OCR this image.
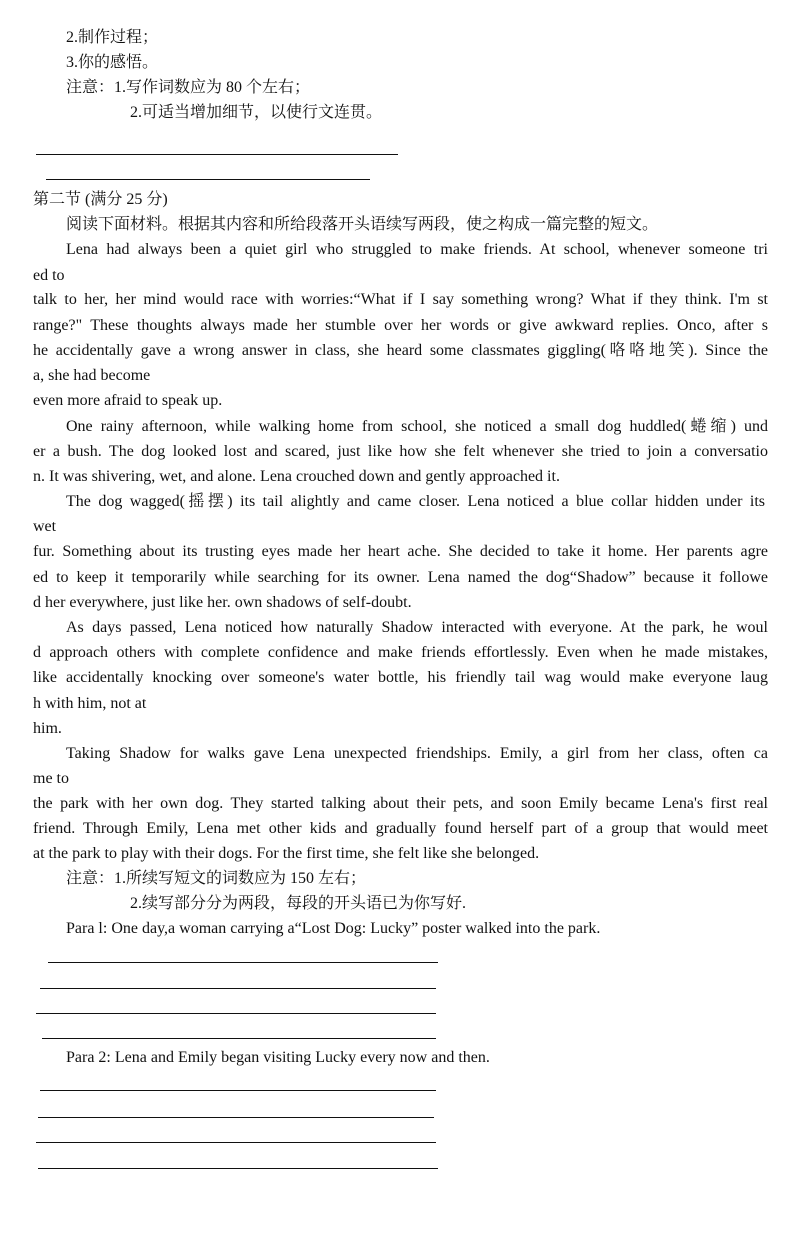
2.制作过程；
3.你的感悟。
注意：1.写作词数应为 80 个左右；
2.可适当增加细节，以使行文连贯。
第二节 (满分 25 分)
阅读下面材料。根据其内容和所给段落开头语续写两段，使之构成一篇完整的短文。
Lena had always been a quiet girl who struggled to make friends. At school, whenever someone tri
ed to
talk to her, her mind would race with worries:“What if I say something wrong? What if they think. I'm st
range?" These thoughts always made her stumble over her words or give awkward replies. Onco, after s
he accidentally gave a wrong answer in class, she heard some classmates giggling(咯咯地笑). Since the
a, she had become
even more afraid to speak up.
One rainy afternoon, while walking home from school, she noticed a small dog huddled(蜷缩) und
er a bush. The dog looked lost and scared, just like how she felt whenever she tried to join a conversatio
n. It was shivering, wet, and alone. Lena crouched down and gently approached it.
The dog wagged(摇摆) its tail alightly and came closer. Lena noticed a blue collar hidden under its
wet
fur. Something about its trusting eyes made her heart ache. She decided to take it home. Her parents agre
ed to keep it temporarily while searching for its owner. Lena named the dog“Shadow” because it followe
d her everywhere, just like her. own shadows of self-doubt.
As days passed, Lena noticed how naturally Shadow interacted with everyone. At the park, he woul
d approach others with complete confidence and make friends effortlessly. Even when he made mistakes,
like accidentally knocking over someone's water bottle, his friendly tail wag would make everyone laug
h with him, not at
him.
Taking Shadow for walks gave Lena unexpected friendships. Emily, a girl from her class, often ca
me to
the park with her own dog. They started talking about their pets, and soon Emily became Lena's first real
friend. Through Emily, Lena met other kids and gradually found herself part of a group that would meet
at the park to play with their dogs. For the first time, she felt like she belonged.
注意：1.所续写短文的词数应为 150 左右；
2.续写部分分为两段，每段的开头语已为你写好.
Para l: One day,a woman carrying a“Lost Dog: Lucky” poster walked into the park.
Para 2: Lena and Emily began visiting Lucky every now and then.
